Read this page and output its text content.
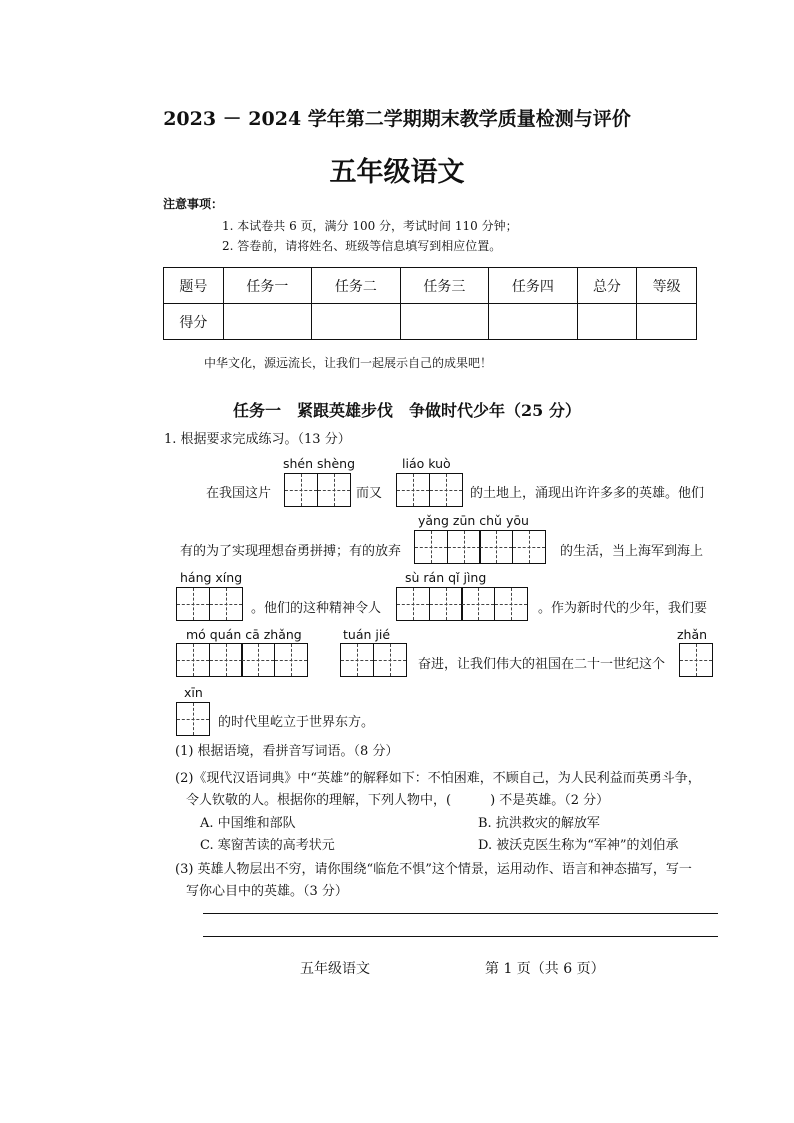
2023 － 2024 学年第二学期期末教学质量检测与评价
五年级语文
注意事项：
1. 本试卷共 6 页，满分 100 分，考试时间 110 分钟；
2. 答卷前，请将姓名、班级等信息填写到相应位置。
题号	任务一	任务二	任务三	任务四	总分	等级
得分						
中华文化，源远流长，让我们一起展示自己的成果吧！
任务一　紧跟英雄步伐　争做时代少年（25 分）
1. 根据要求完成练习。（13 分）
shén shèng	liáo kuò
在我国这片	而又	的土地上，涌现出许许多多的英雄。他们
yǎng zūn chǔ yōu
有的为了实现理想奋勇拼搏；有的放弃	的生活，当上海军到海上
háng xíng	sù rán qǐ jìng
。他们的这种精神令人	。作为新时代的少年，我们要
mó quán cā zhǎng	tuán jié	zhǎn
奋进，让我们伟大的祖国在二十一世纪这个
xīn
的时代里屹立于世界东方。
(1) 根据语境，看拼音写词语。（8 分）
(2)《现代汉语词典》中“英雄”的解释如下：不怕困难，不顾自己，为人民利益而英勇斗争，
令人钦敬的人。根据你的理解，下列人物中，(　　　) 不是英雄。（2 分）
A. 中国维和部队	B. 抗洪救灾的解放军
C. 寒窗苦读的高考状元	D. 被沃克医生称为“军神”的刘伯承
(3) 英雄人物层出不穷，请你围绕“临危不惧”这个情景，运用动作、语言和神态描写，写一
写你心目中的英雄。（3 分）
五年级语文	第 1 页（共 6 页）
